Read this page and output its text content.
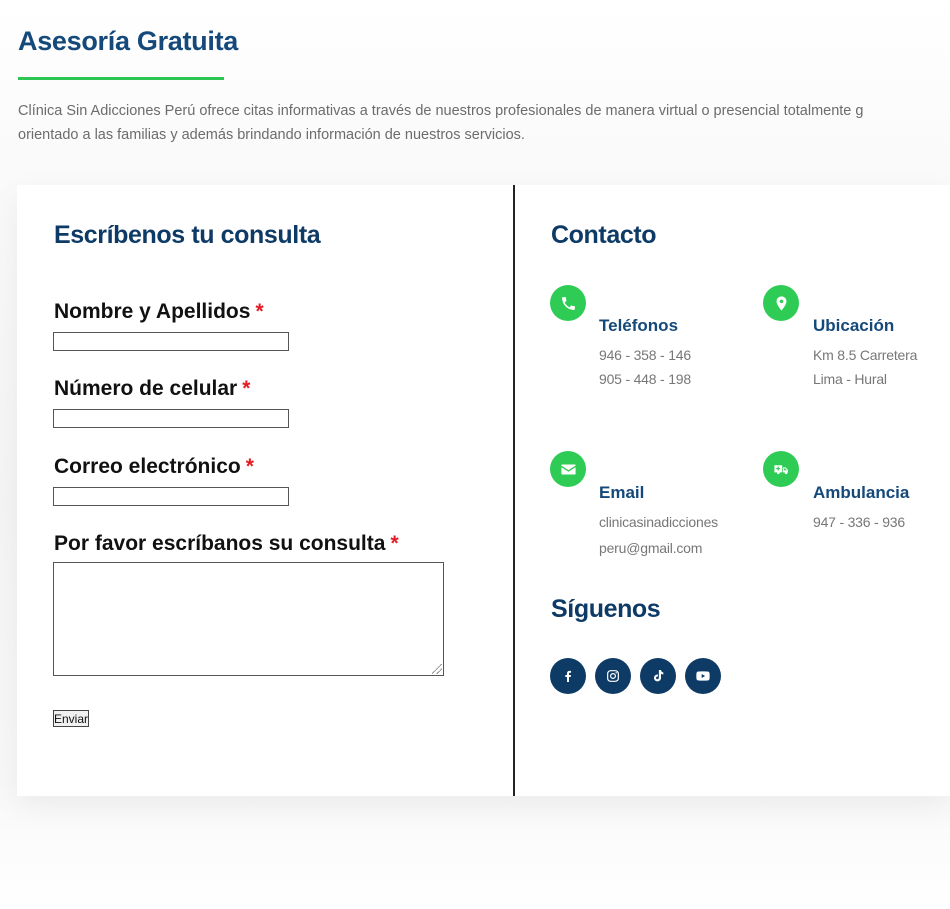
Asesoría Gratuita
Clínica Sin Adicciones Perú ofrece citas informativas a través de nuestros profesionales de manera virtual o presencial totalmente g
orientado a las familias y además brindando información de nuestros servicios.
Escríbenos tu consulta
Nombre y Apellidos *
Número de celular *
Correo electrónico *
Por favor escríbanos su consulta *
Enviar
Contacto
Teléfonos
946 - 358 - 146
905 - 448 - 198
Ubicación
Km 8.5 Carretera
Lima - Hural
Email
clinicasinadicciones
peru@gmail.com
Ambulancia
947 - 336 - 936
Síguenos
